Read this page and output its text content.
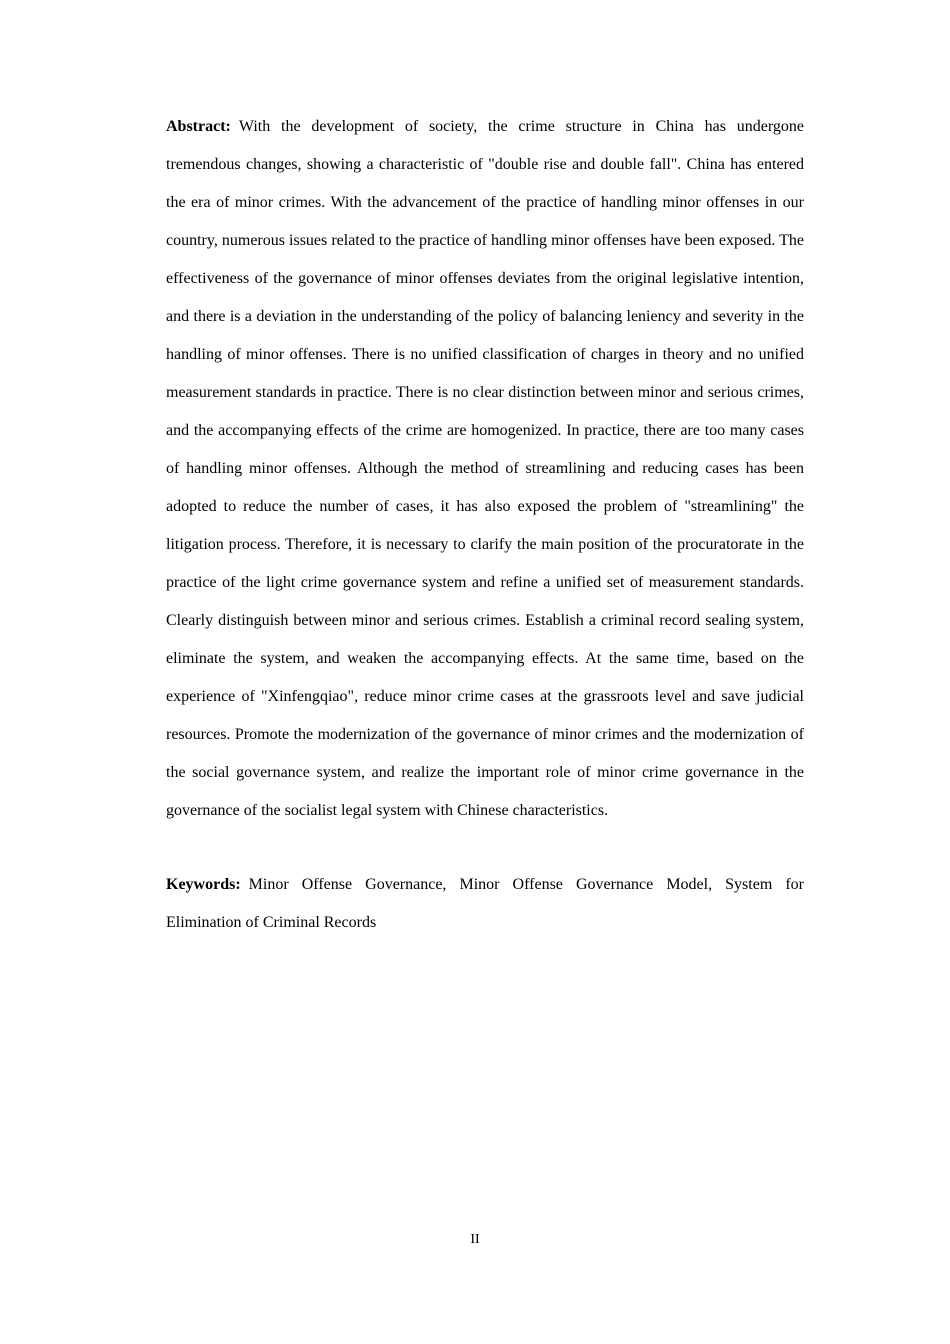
Abstract: With the development of society, the crime structure in China has undergone tremendous changes, showing a characteristic of "double rise and double fall". China has entered the era of minor crimes. With the advancement of the practice of handling minor offenses in our country, numerous issues related to the practice of handling minor offenses have been exposed. The effectiveness of the governance of minor offenses deviates from the original legislative intention, and there is a deviation in the understanding of the policy of balancing leniency and severity in the handling of minor offenses. There is no unified classification of charges in theory and no unified measurement standards in practice. There is no clear distinction between minor and serious crimes, and the accompanying effects of the crime are homogenized. In practice, there are too many cases of handling minor offenses. Although the method of streamlining and reducing cases has been adopted to reduce the number of cases, it has also exposed the problem of "streamlining" the litigation process. Therefore, it is necessary to clarify the main position of the procuratorate in the practice of the light crime governance system and refine a unified set of measurement standards. Clearly distinguish between minor and serious crimes. Establish a criminal record sealing system, eliminate the system, and weaken the accompanying effects. At the same time, based on the experience of "Xinfengqiao", reduce minor crime cases at the grassroots level and save judicial resources. Promote the modernization of the governance of minor crimes and the modernization of the social governance system, and realize the important role of minor crime governance in the governance of the socialist legal system with Chinese characteristics.
Keywords: Minor Offense Governance, Minor Offense Governance Model, System for Elimination of Criminal Records
II
